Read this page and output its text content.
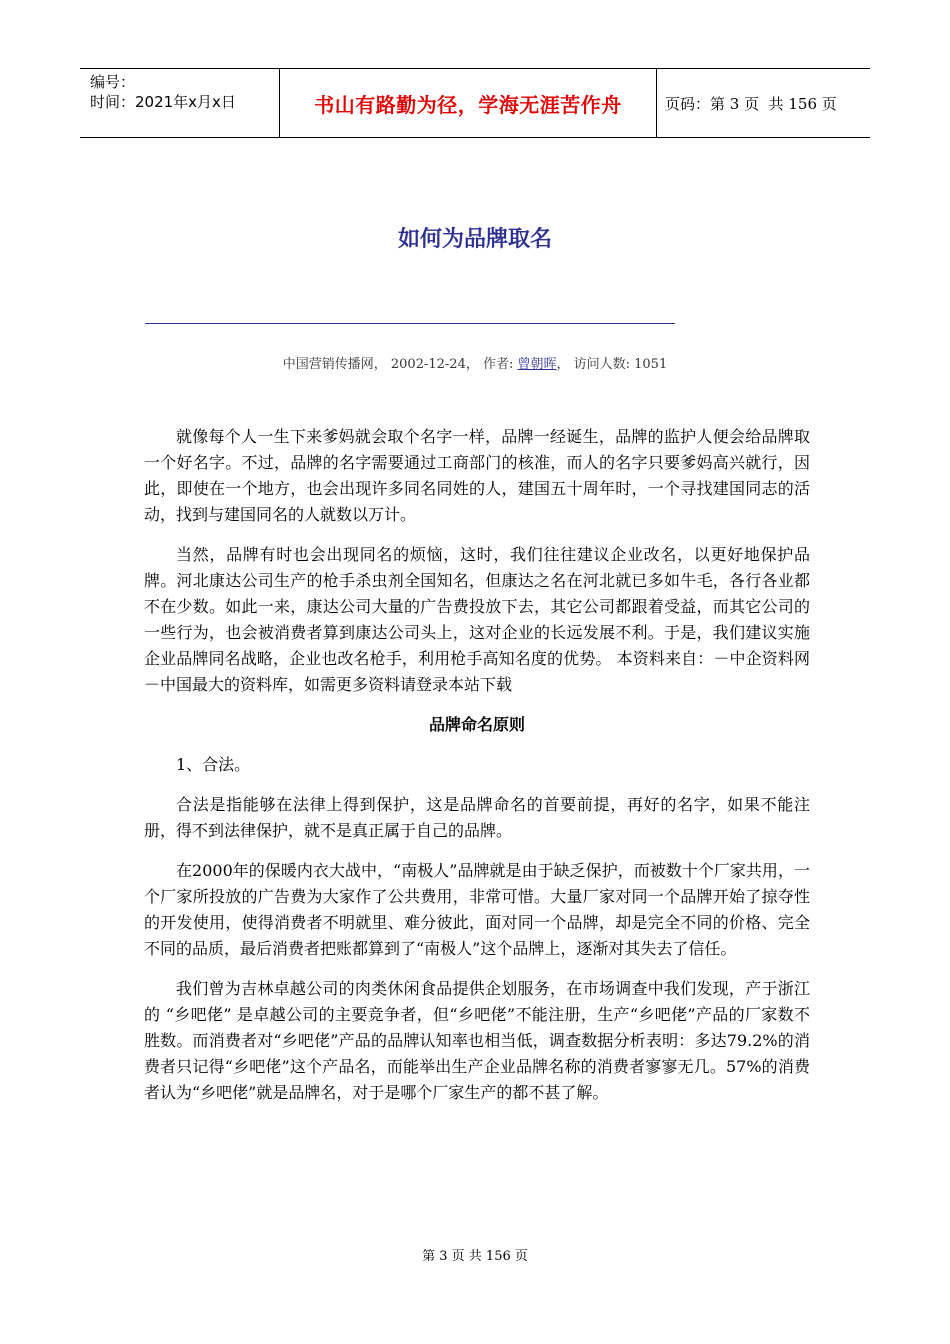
编号：
时间：2021年x月x日	书山有路勤为径，学海无涯苦作舟	页码：第 3 页  共 156 页
如何为品牌取名
中国营销传播网， 2002-12-24， 作者: 曾朝晖， 访问人数: 1051

就像每个人一生下来爹妈就会取个名字一样，品牌一经诞生，品牌的监护人便会给品牌取一个好名字。不过，品牌的名字需要通过工商部门的核准，而人的名字只要爹妈高兴就行，因此，即使在一个地方，也会出现许多同名同姓的人，建国五十周年时，一个寻找建国同志的活动，找到与建国同名的人就数以万计。

当然，品牌有时也会出现同名的烦恼，这时，我们往往建议企业改名，以更好地保护品牌。河北康达公司生产的枪手杀虫剂全国知名，但康达之名在河北就已多如牛毛，各行各业都不在少数。如此一来，康达公司大量的广告费投放下去，其它公司都跟着受益，而其它公司的一些行为，也会被消费者算到康达公司头上，这对企业的长远发展不利。于是，我们建议实施企业品牌同名战略，企业也改名枪手，利用枪手高知名度的优势。 本资料来自：－中企资料网－中国最大的资料库，如需更多资料请登录本站下载

品牌命名原则

1、合法。

合法是指能够在法律上得到保护，这是品牌命名的首要前提，再好的名字，如果不能注册，得不到法律保护，就不是真正属于自己的品牌。

在2000年的保暖内衣大战中，“南极人”品牌就是由于缺乏保护，而被数十个厂家共用，一个厂家所投放的广告费为大家作了公共费用，非常可惜。大量厂家对同一个品牌开始了掠夺性的开发使用，使得消费者不明就里、难分彼此，面对同一个品牌，却是完全不同的价格、完全不同的品质，最后消费者把账都算到了“南极人”这个品牌上，逐渐对其失去了信任。

我们曾为吉林卓越公司的肉类休闲食品提供企划服务，在市场调查中我们发现，产于浙江的 “乡吧佬” 是卓越公司的主要竞争者，但“乡吧佬”不能注册，生产“乡吧佬”产品的厂家数不胜数。而消费者对“乡吧佬”产品的品牌认知率也相当低，调查数据分析表明：多达79.2%的消费者只记得“乡吧佬”这个产品名，而能举出生产企业品牌名称的消费者寥寥无几。57%的消费者认为“乡吧佬”就是品牌名，对于是哪个厂家生产的都不甚了解。

第 3 页 共 156 页
